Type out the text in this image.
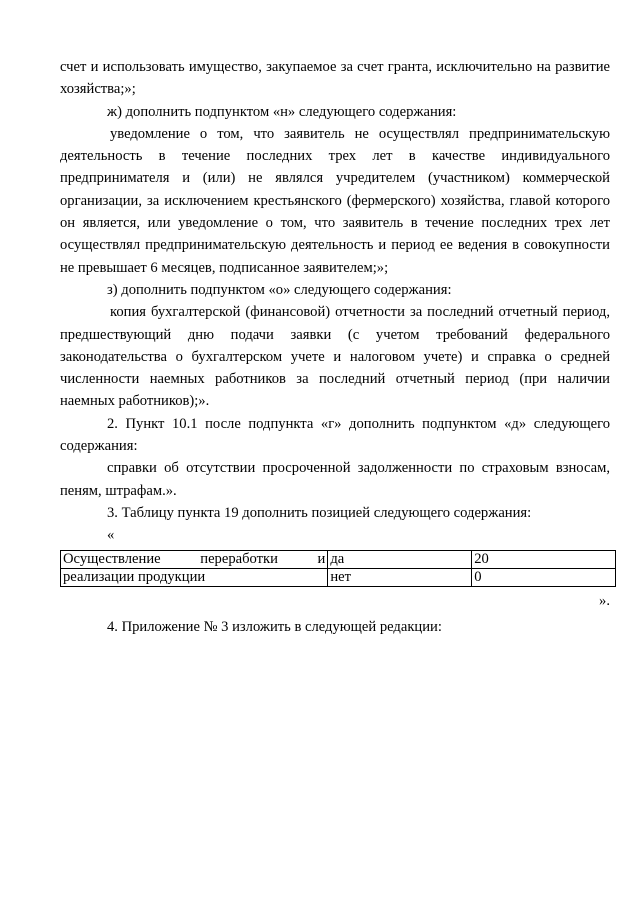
счет и использовать имущество, закупаемое за счет гранта, исключительно на развитие хозяйства;»;

ж) дополнить подпунктом «н» следующего содержания:

уведомление о том, что заявитель не осуществлял предпринимательскую деятельность в течение последних трех лет в качестве индивидуального предпринимателя и (или) не являлся учредителем (участником) коммерческой организации, за исключением крестьянского (фермерского) хозяйства, главой которого он является, или уведомление о том, что заявитель в течение последних трех лет осуществлял предпринимательскую деятельность и период ее ведения в совокупности не превышает 6 месяцев, подписанное заявителем;»;

з) дополнить подпунктом «о» следующего содержания:

копия бухгалтерской (финансовой) отчетности за последний отчетный период, предшествующий дню подачи заявки (с учетом требований федерального законодательства о бухгалтерском учете и налоговом учете) и справка о средней численности наемных работников за последний отчетный период (при наличии наемных работников);».

2. Пункт 10.1 после подпункта «г» дополнить подпунктом «д» следующего содержания:

справки об отсутствии просроченной задолженности по страховым взносам, пеням, штрафам.».

3. Таблицу пункта 19 дополнить позицией следующего содержания:

«

Осуществление переработки и	да	20
реализации продукции	нет	0

».

4. Приложение № 3 изложить в следующей редакции:
